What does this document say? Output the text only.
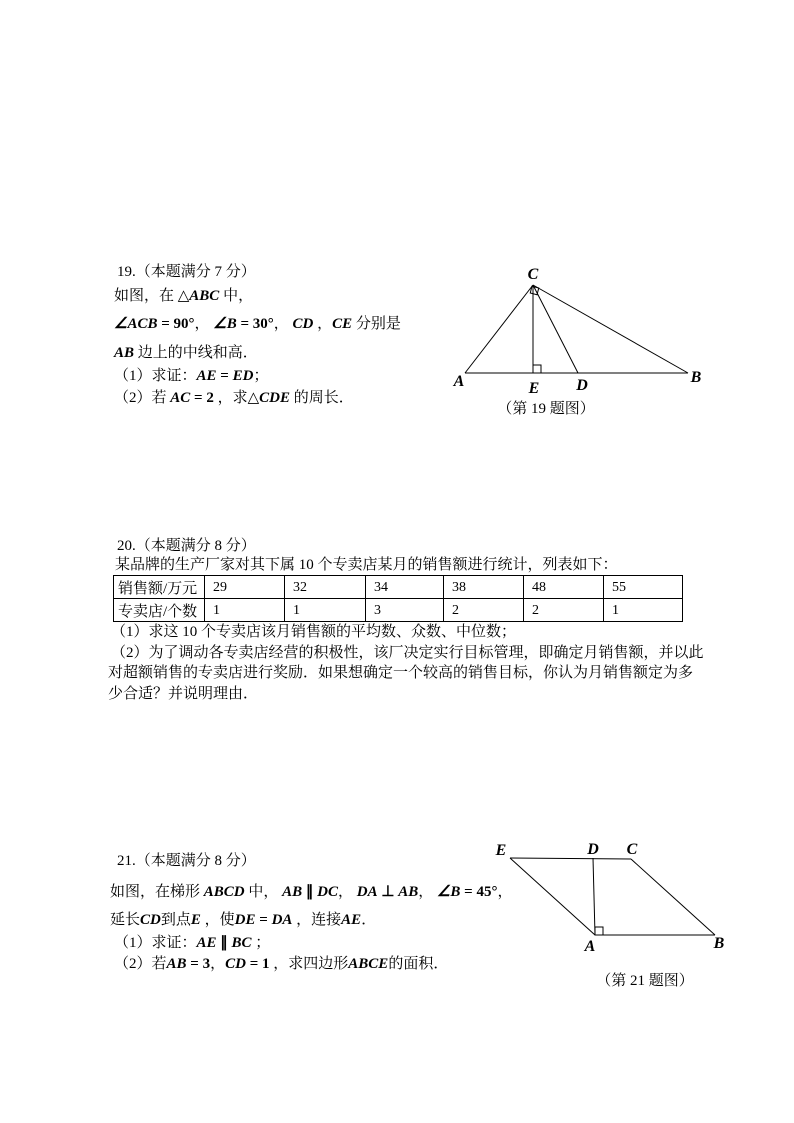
19.（本题满分 7 分）
如图，在 △ABC 中，
∠ACB = 90°， ∠B = 30°， CD ，CE 分别是
AB 边上的中线和高．
（1）求证：AE = ED；
（2）若 AC = 2 ，求△CDE 的周长．
C
A	E D	B
（第 19 题图）
20.（本题满分 8 分）
某品牌的生产厂家对其下属 10 个专卖店某月的销售额进行统计，列表如下：
销售额/万元	29	32	34	38	48	55
专卖店/个数	1	1	3	2	2	1
（1）求这 10 个专卖店该月销售额的平均数、众数、中位数；
（2）为了调动各专卖店经营的积极性，该厂决定实行目标管理，即确定月销售额，并以此
对超额销售的专卖店进行奖励．如果想确定一个较高的销售目标，你认为月销售额定为多
少合适？并说明理由．
21.（本题满分 8 分）
如图，在梯形 ABCD 中， AB ∥ DC， DA ⊥ AB， ∠B = 45°，
延长CD到点E ，使DE = DA ，连接AE．
（1）求证：AE ∥ BC ；
（2）若AB = 3，CD = 1 ，求四边形ABCE的面积．
E	D C
A	B
（第 21 题图）
